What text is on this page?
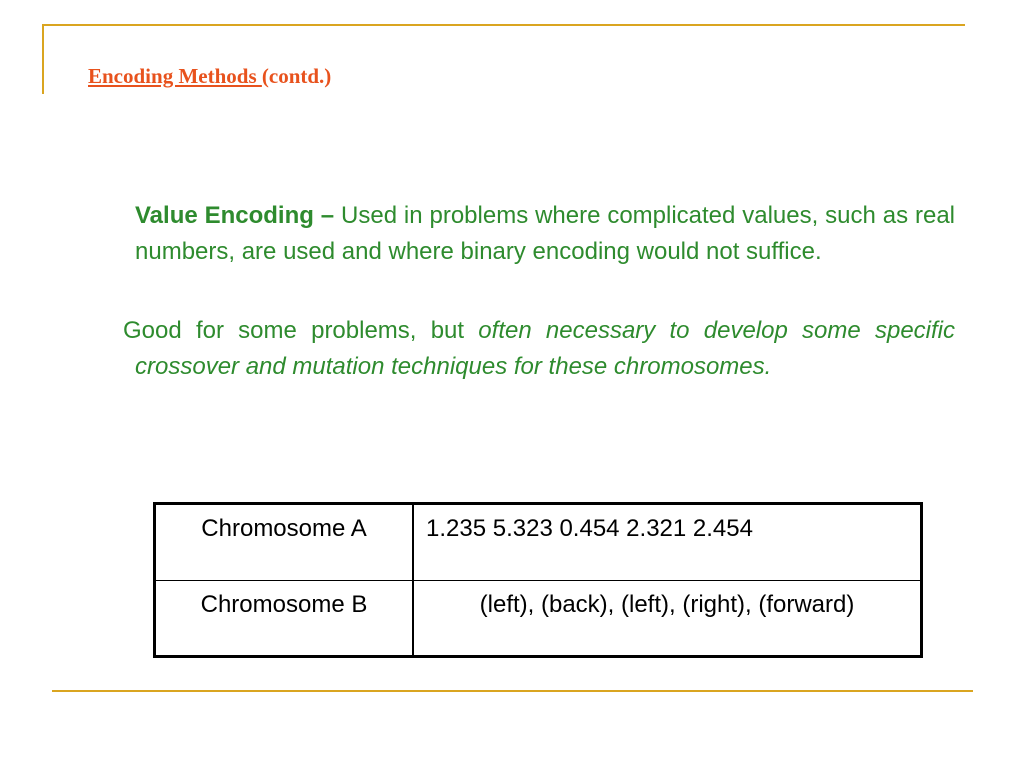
Encoding Methods (contd.)

Value Encoding – Used in problems where complicated values, such as real numbers, are used and where binary encoding would not suffice.

Good for some problems, but often necessary to develop some specific crossover and mutation techniques for these chromosomes.

Chromosome A	1.235 5.323 0.454 2.321 2.454
Chromosome B	(left), (back), (left), (right), (forward)
